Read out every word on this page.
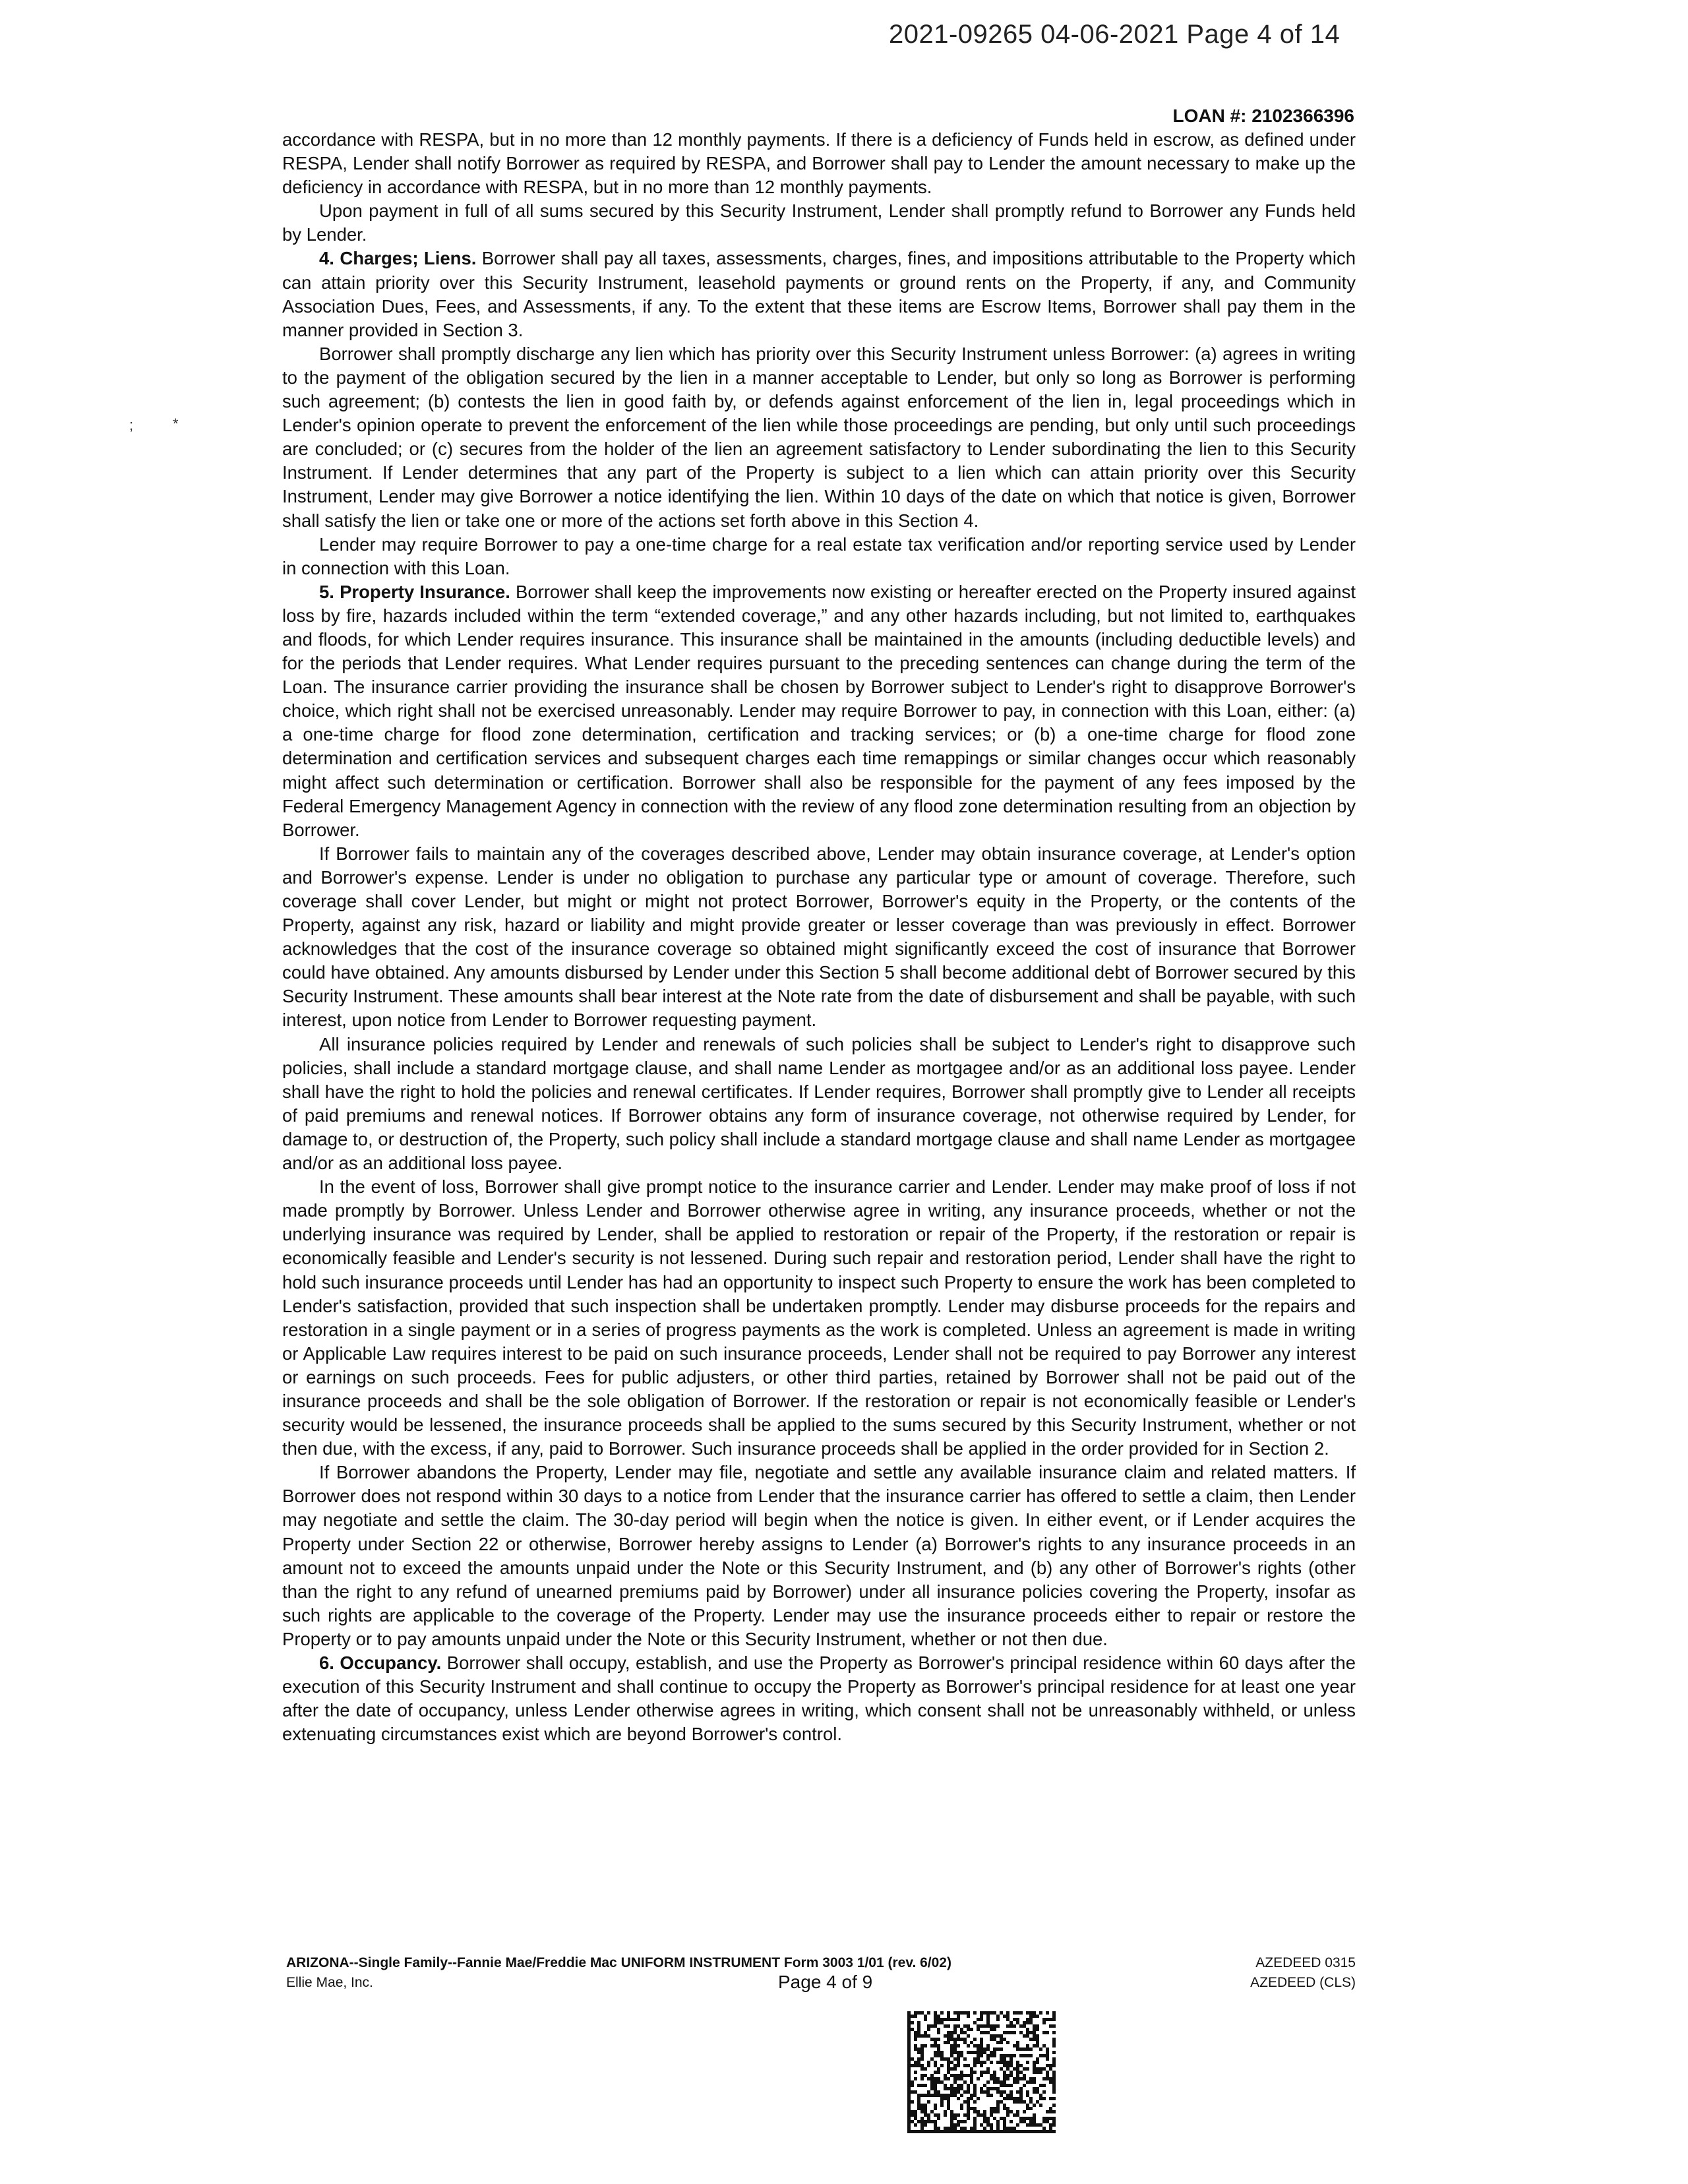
2021-09265 04-06-2021 Page 4 of 14
LOAN #: 2102366396
;	*

accordance with RESPA, but in no more than 12 monthly payments. If there is a deficiency of Funds held in escrow, as defined under RESPA, Lender shall notify Borrower as required by RESPA, and Borrower shall pay to Lender the amount necessary to make up the deficiency in accordance with RESPA, but in no more than 12 monthly payments.

Upon payment in full of all sums secured by this Security Instrument, Lender shall promptly refund to Borrower any Funds held by Lender.

4. Charges; Liens. Borrower shall pay all taxes, assessments, charges, fines, and impositions attributable to the Property which can attain priority over this Security Instrument, leasehold payments or ground rents on the Property, if any, and Community Association Dues, Fees, and Assessments, if any. To the extent that these items are Escrow Items, Borrower shall pay them in the manner provided in Section 3.

Borrower shall promptly discharge any lien which has priority over this Security Instrument unless Borrower: (a) agrees in writing to the payment of the obligation secured by the lien in a manner acceptable to Lender, but only so long as Borrower is performing such agreement; (b) contests the lien in good faith by, or defends against enforcement of the lien in, legal proceedings which in Lender's opinion operate to prevent the enforcement of the lien while those proceedings are pending, but only until such proceedings are concluded; or (c) secures from the holder of the lien an agreement satisfactory to Lender subordinating the lien to this Security Instrument. If Lender determines that any part of the Property is subject to a lien which can attain priority over this Security Instrument, Lender may give Borrower a notice identifying the lien. Within 10 days of the date on which that notice is given, Borrower shall satisfy the lien or take one or more of the actions set forth above in this Section 4.

Lender may require Borrower to pay a one-time charge for a real estate tax verification and/or reporting service used by Lender in connection with this Loan.

5. Property Insurance. Borrower shall keep the improvements now existing or hereafter erected on the Property insured against loss by fire, hazards included within the term “extended coverage,” and any other hazards including, but not limited to, earthquakes and floods, for which Lender requires insurance. This insurance shall be maintained in the amounts (including deductible levels) and for the periods that Lender requires. What Lender requires pursuant to the preceding sentences can change during the term of the Loan. The insurance carrier providing the insurance shall be chosen by Borrower subject to Lender's right to disapprove Borrower's choice, which right shall not be exercised unreasonably. Lender may require Borrower to pay, in connection with this Loan, either: (a) a one-time charge for flood zone determination, certification and tracking services; or (b) a one-time charge for flood zone determination and certification services and subsequent charges each time remappings or similar changes occur which reasonably might affect such determination or certification. Borrower shall also be responsible for the payment of any fees imposed by the Federal Emergency Management Agency in connection with the review of any flood zone determination resulting from an objection by Borrower.

If Borrower fails to maintain any of the coverages described above, Lender may obtain insurance coverage, at Lender's option and Borrower's expense. Lender is under no obligation to purchase any particular type or amount of coverage. Therefore, such coverage shall cover Lender, but might or might not protect Borrower, Borrower's equity in the Property, or the contents of the Property, against any risk, hazard or liability and might provide greater or lesser coverage than was previously in effect. Borrower acknowledges that the cost of the insurance coverage so obtained might significantly exceed the cost of insurance that Borrower could have obtained. Any amounts disbursed by Lender under this Section 5 shall become additional debt of Borrower secured by this Security Instrument. These amounts shall bear interest at the Note rate from the date of disbursement and shall be payable, with such interest, upon notice from Lender to Borrower requesting payment.

All insurance policies required by Lender and renewals of such policies shall be subject to Lender's right to disapprove such policies, shall include a standard mortgage clause, and shall name Lender as mortgagee and/or as an additional loss payee. Lender shall have the right to hold the policies and renewal certificates. If Lender requires, Borrower shall promptly give to Lender all receipts of paid premiums and renewal notices. If Borrower obtains any form of insurance coverage, not otherwise required by Lender, for damage to, or destruction of, the Property, such policy shall include a standard mortgage clause and shall name Lender as mortgagee and/or as an additional loss payee.

In the event of loss, Borrower shall give prompt notice to the insurance carrier and Lender. Lender may make proof of loss if not made promptly by Borrower. Unless Lender and Borrower otherwise agree in writing, any insurance proceeds, whether or not the underlying insurance was required by Lender, shall be applied to restoration or repair of the Property, if the restoration or repair is economically feasible and Lender's security is not lessened. During such repair and restoration period, Lender shall have the right to hold such insurance proceeds until Lender has had an opportunity to inspect such Property to ensure the work has been completed to Lender's satisfaction, provided that such inspection shall be undertaken promptly. Lender may disburse proceeds for the repairs and restoration in a single payment or in a series of progress payments as the work is completed. Unless an agreement is made in writing or Applicable Law requires interest to be paid on such insurance proceeds, Lender shall not be required to pay Borrower any interest or earnings on such proceeds. Fees for public adjusters, or other third parties, retained by Borrower shall not be paid out of the insurance proceeds and shall be the sole obligation of Borrower. If the restoration or repair is not economically feasible or Lender's security would be lessened, the insurance proceeds shall be applied to the sums secured by this Security Instrument, whether or not then due, with the excess, if any, paid to Borrower. Such insurance proceeds shall be applied in the order provided for in Section 2.

If Borrower abandons the Property, Lender may file, negotiate and settle any available insurance claim and related matters. If Borrower does not respond within 30 days to a notice from Lender that the insurance carrier has offered to settle a claim, then Lender may negotiate and settle the claim. The 30-day period will begin when the notice is given. In either event, or if Lender acquires the Property under Section 22 or otherwise, Borrower hereby assigns to Lender (a) Borrower's rights to any insurance proceeds in an amount not to exceed the amounts unpaid under the Note or this Security Instrument, and (b) any other of Borrower's rights (other than the right to any refund of unearned premiums paid by Borrower) under all insurance policies covering the Property, insofar as such rights are applicable to the coverage of the Property. Lender may use the insurance proceeds either to repair or restore the Property or to pay amounts unpaid under the Note or this Security Instrument, whether or not then due.

6. Occupancy. Borrower shall occupy, establish, and use the Property as Borrower's principal residence within 60 days after the execution of this Security Instrument and shall continue to occupy the Property as Borrower's principal residence for at least one year after the date of occupancy, unless Lender otherwise agrees in writing, which consent shall not be unreasonably withheld, or unless extenuating circumstances exist which are beyond Borrower's control.

ARIZONA--Single Family--Fannie Mae/Freddie Mac UNIFORM INSTRUMENT Form 3003 1/01 (rev. 6/02)
Ellie Mae, Inc.	Page 4 of 9
AZEDEED 0315
AZEDEED (CLS)
